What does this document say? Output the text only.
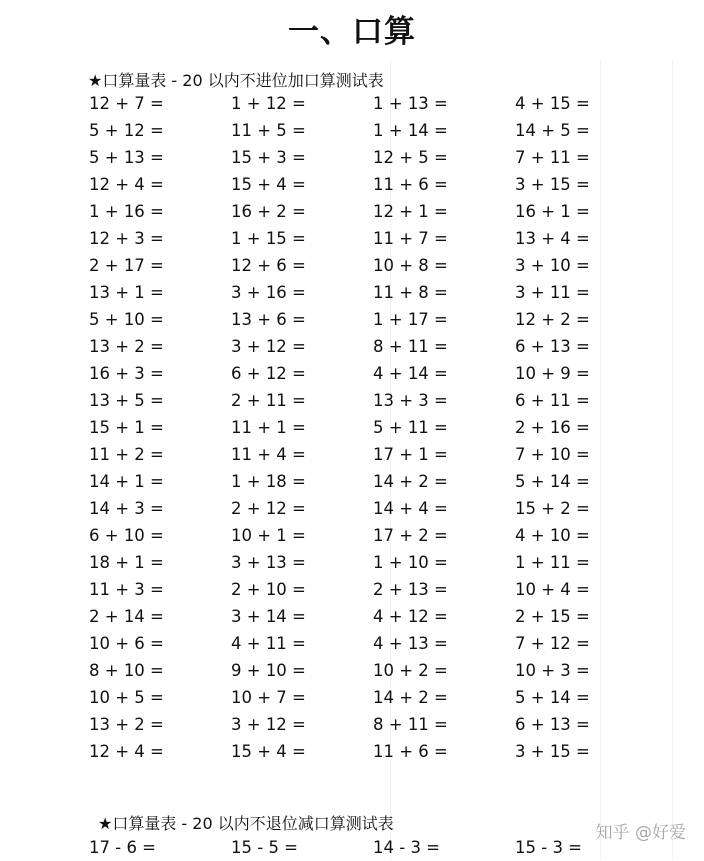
一、口算
★口算量表 - 20 以内不进位加口算测试表
12 + 7 =	1 + 12 =	1 + 13 =	4 + 15 =
5 + 12 =	11 + 5 =	1 + 14 =	14 + 5 =
5 + 13 =	15 + 3 =	12 + 5 =	7 + 11 =
12 + 4 =	15 + 4 =	11 + 6 =	3 + 15 =
1 + 16 =	16 + 2 =	12 + 1 =	16 + 1 =
12 + 3 =	1 + 15 =	11 + 7 =	13 + 4 =
2 + 17 =	12 + 6 =	10 + 8 =	3 + 10 =
13 + 1 =	3 + 16 =	11 + 8 =	3 + 11 =
5 + 10 =	13 + 6 =	1 + 17 =	12 + 2 =
13 + 2 =	3 + 12 =	8 + 11 =	6 + 13 =
16 + 3 =	6 + 12 =	4 + 14 =	10 + 9 =
13 + 5 =	2 + 11 =	13 + 3 =	6 + 11 =
15 + 1 =	11 + 1 =	5 + 11 =	2 + 16 =
11 + 2 =	11 + 4 =	17 + 1 =	7 + 10 =
14 + 1 =	1 + 18 =	14 + 2 =	5 + 14 =
14 + 3 =	2 + 12 =	14 + 4 =	15 + 2 =
6 + 10 =	10 + 1 =	17 + 2 =	4 + 10 =
18 + 1 =	3 + 13 =	1 + 10 =	1 + 11 =
11 + 3 =	2 + 10 =	2 + 13 =	10 + 4 =
2 + 14 =	3 + 14 =	4 + 12 =	2 + 15 =
10 + 6 =	4 + 11 =	4 + 13 =	7 + 12 =
8 + 10 =	9 + 10 =	10 + 2 =	10 + 3 =
10 + 5 =	10 + 7 =	14 + 2 =	5 + 14 =
13 + 2 =	3 + 12 =	8 + 11 =	6 + 13 =
12 + 4 =	15 + 4 =	11 + 6 =	3 + 15 =
★口算量表 - 20 以内不退位减口算测试表
17 - 6 =	15 - 5 =	14 - 3 =	15 - 3 =
知乎 @好爱
